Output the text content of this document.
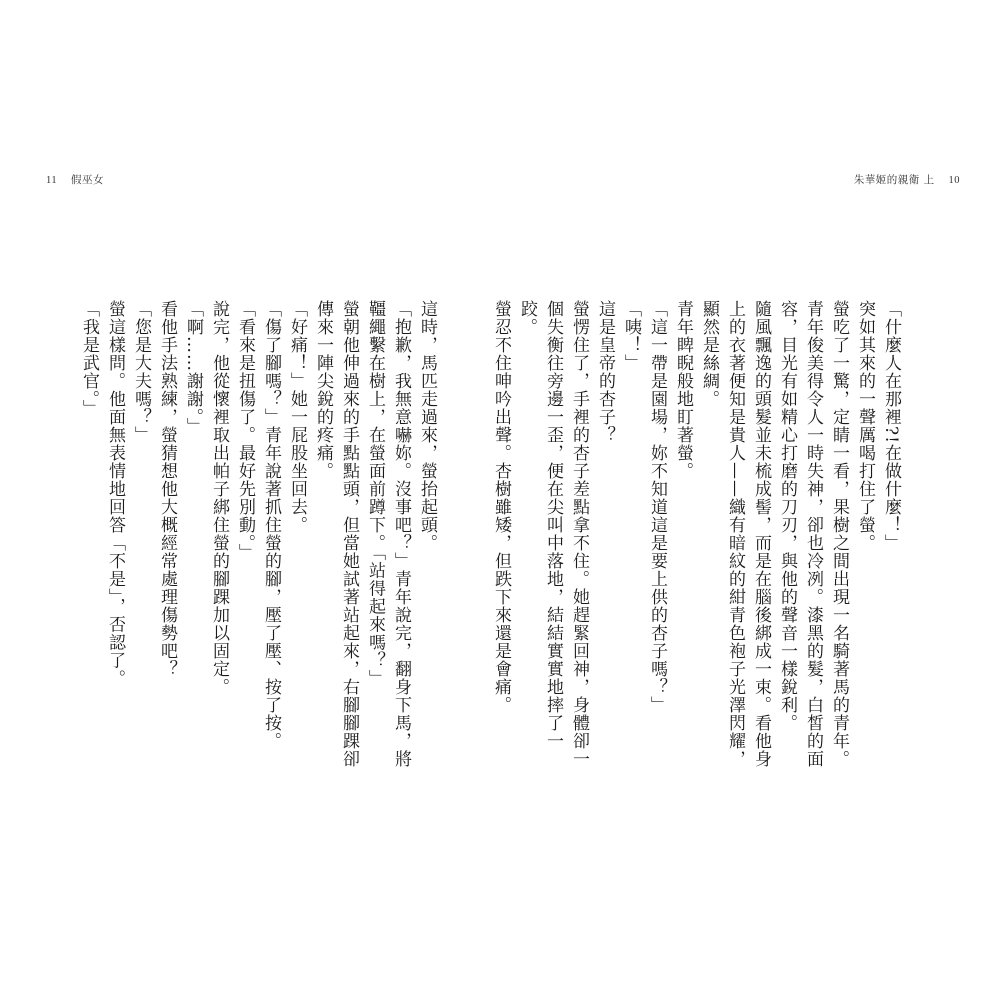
11 假巫女	朱華姬的親衛 上 10

「什麼人在那裡?!在做什麼！」

突如其來的一聲厲喝打住了螢。

螢吃了一驚，定睛一看，果樹之間出現一名騎著馬的青年。

青年俊美得令人一時失神，卻也冷冽。漆黑的髮，白皙的面容，目光有如精心打磨的刀刃，與他的聲音一樣銳利。

隨風飄逸的頭髮並未梳成髻，而是在腦後綁成一束。看他身上的衣著便知是貴人——織有暗紋的紺青色袍子光澤閃耀，顯然是絲綢。

青年睥睨般地盯著螢。

「這一帶是園場，妳不知道這是要上供的杏子嗎？」

「咦！」

這是皇帝的杏子？

螢愣住了，手裡的杏子差點拿不住。她趕緊回神，身體卻一個失衡往旁邊一歪，便在尖叫中落地，結結實實地摔了一跤。

螢忍不住呻吟出聲。杏樹雖矮，但跌下來還是會痛。

這時，馬匹走過來，螢抬起頭。

「抱歉，我無意嚇妳。沒事吧？」青年說完，翻身下馬，將韁繩繫在樹上，在螢面前蹲下。「站得起來嗎？」

螢朝他伸過來的手點點頭，但當她試著站起來，右腳腳踝卻傳來一陣尖銳的疼痛。

「好痛！」她一屁股坐回去。

「傷了腳嗎？」青年說著抓住螢的腳，壓了壓、按了按。「看來是扭傷了。最好先別動。」

說完，他從懷裡取出帕子綁住螢的腳踝加以固定。

「啊……謝謝。」

看他手法熟練，螢猜想他大概經常處理傷勢吧？

「您是大夫嗎？」

螢這樣問。他面無表情地回答「不是」，否認了。

「我是武官。」
